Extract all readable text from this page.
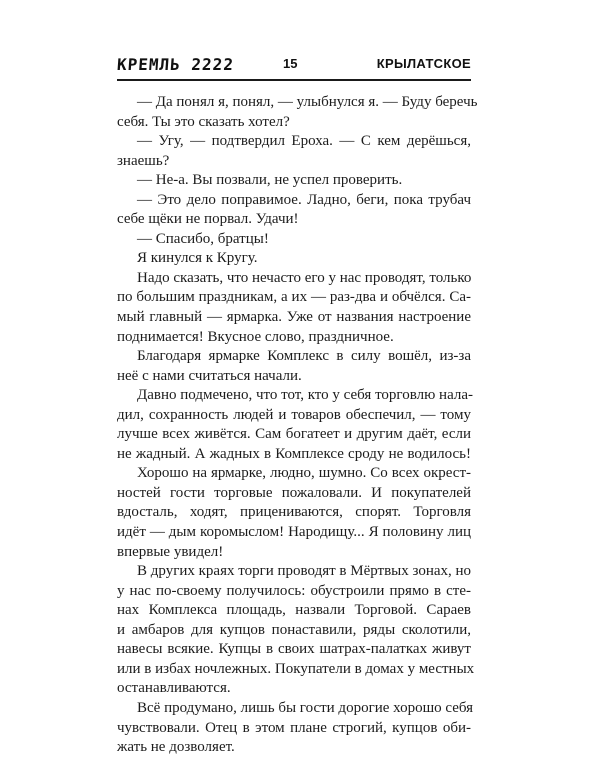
КРЕМЛЬ 2222	15	КРЫЛАТСКОЕ
— Да понял я, понял, — улыбнулся я. — Буду беречь
себя. Ты это сказать хотел?
— Угу, — подтвердил Ероха. — С кем дерёшься,
знаешь?
— Не-а. Вы позвали, не успел проверить.
— Это дело поправимое. Ладно, беги, пока трубач
себе щёки не порвал. Удачи!
— Спасибо, братцы!
Я кинулся к Кругу.
Надо сказать, что нечасто его у нас проводят, только
по большим праздникам, а их — раз-два и обчёлся. Са-
мый главный — ярмарка. Уже от названия настроение
поднимается! Вкусное слово, праздничное.
Благодаря ярмарке Комплекс в силу вошёл, из-за
неё с нами считаться начали.
Давно подмечено, что тот, кто у себя торговлю нала-
дил, сохранность людей и товаров обеспечил, — тому
лучше всех живётся. Сам богатеет и другим даёт, если
не жадный. А жадных в Комплексе сроду не водилось!
Хорошо на ярмарке, людно, шумно. Со всех окрест-
ностей гости торговые пожаловали. И покупателей
вдосталь, ходят, прицениваются, спорят. Торговля
идёт — дым коромыслом! Народищу... Я половину лиц
впервые увидел!
В других краях торги проводят в Мёртвых зонах, но
у нас по-своему получилось: обустроили прямо в сте-
нах Комплекса площадь, назвали Торговой. Сараев
и амбаров для купцов понаставили, ряды сколотили,
навесы всякие. Купцы в своих шатрах-палатках живут
или в избах ночлежных. Покупатели в домах у местных
останавливаются.
Всё продумано, лишь бы гости дорогие хорошо себя
чувствовали. Отец в этом плане строгий, купцов оби-
жать не дозволяет.
